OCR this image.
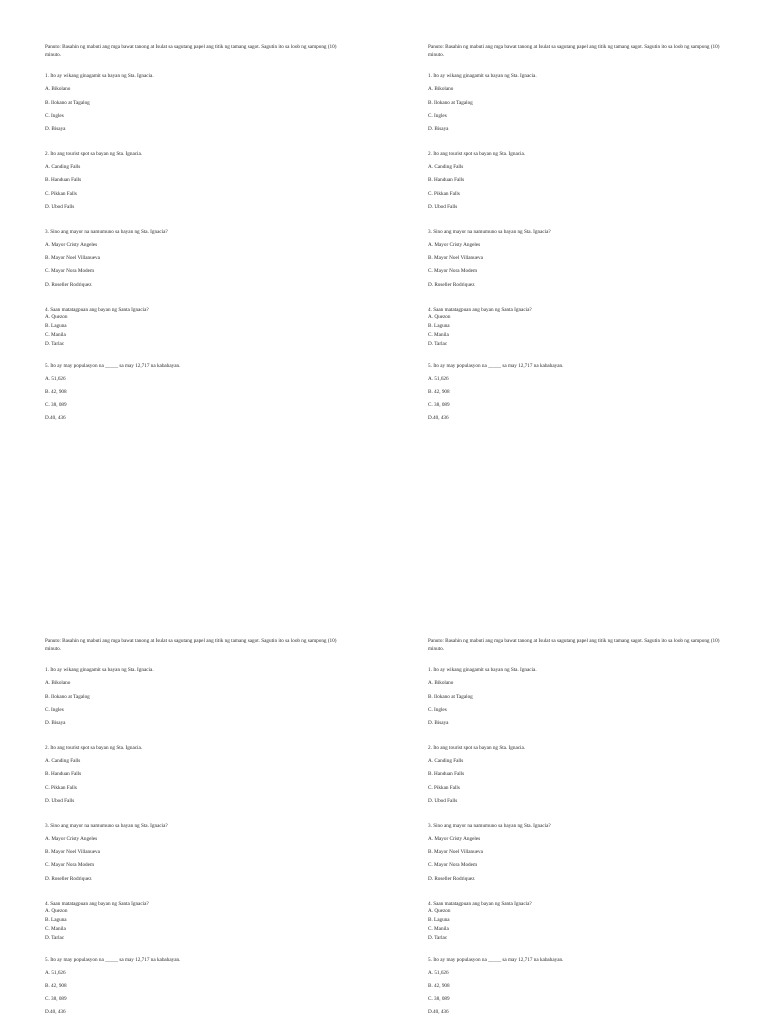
Panuto: Basahin ng mabuti ang mga bawat tanong at Isulat sa sagutang papel ang titik ng tamang sagot. Sagutin ito sa loob ng sampong (10) minuto.

1. Ito ay wikang ginagamit sa bayan ng Sta. Ignacia.

A. Bikolano

B. Ilokano at Tagalog

C. Ingles

D. Bisaya

2. Ito ang tourist spot sa bayan ng Sta. Ignacia.

A. Canding Falls

B. Handuan Falls

C. Pikkan Falls

D. Ubod Falls

3. Sino ang mayor na namumuno sa bayan ng Sta. Ignacia?

A. Mayor Cristy Angeles

B. Mayor Noel Villanueva

C. Mayor Nora Modem

D. Roseller Rodriquez

4. Saan matatagpuan ang bayan ng Santa Ignacia?

A. Quezon

B. Laguna

C. Manila

D. Tarlac

5. Ito ay may populasyon na _____ sa may 12,717 na kabahayan.

A. 51,626

B. 42, 908

C. 38, 089

D.40, 436

Panuto: Basahin ng mabuti ang mga bawat tanong at Isulat sa sagutang papel ang titik ng tamang sagot. Sagutin ito sa loob ng sampong (10) minuto.

1. Ito ay wikang ginagamit sa bayan ng Sta. Ignacia.

A. Bikolano

B. Ilokano at Tagalog

C. Ingles

D. Bisaya

2. Ito ang tourist spot sa bayan ng Sta. Ignacia.

A. Canding Falls

B. Handuan Falls

C. Pikkan Falls

D. Ubod Falls

3. Sino ang mayor na namumuno sa bayan ng Sta. Ignacia?

A. Mayor Cristy Angeles

B. Mayor Noel Villanueva

C. Mayor Nora Modem

D. Roseller Rodriquez

4. Saan matatagpuan ang bayan ng Santa Ignacia?

A. Quezon

B. Laguna

C. Manila

D. Tarlac

5. Ito ay may populasyon na _____ sa may 12,717 na kabahayan.

A. 51,626

B. 42, 908

C. 38, 089

D.40, 436

Panuto: Basahin ng mabuti ang mga bawat tanong at Isulat sa sagutang papel ang titik ng tamang sagot. Sagutin ito sa loob ng sampong (10) minuto.

1. Ito ay wikang ginagamit sa bayan ng Sta. Ignacia.

A. Bikolano

B. Ilokano at Tagalog

C. Ingles

D. Bisaya

2. Ito ang tourist spot sa bayan ng Sta. Ignacia.

A. Canding Falls

B. Handuan Falls

C. Pikkan Falls

D. Ubod Falls

3. Sino ang mayor na namumuno sa bayan ng Sta. Ignacia?

A. Mayor Cristy Angeles

B. Mayor Noel Villanueva

C. Mayor Nora Modem

D. Roseller Rodriquez

4. Saan matatagpuan ang bayan ng Santa Ignacia?

A. Quezon

B. Laguna

C. Manila

D. Tarlac

5. Ito ay may populasyon na _____ sa may 12,717 na kabahayan.

A. 51,626

B. 42, 908

C. 38, 089

D.40, 436

Panuto: Basahin ng mabuti ang mga bawat tanong at Isulat sa sagutang papel ang titik ng tamang sagot. Sagutin ito sa loob ng sampong (10) minuto.

1. Ito ay wikang ginagamit sa bayan ng Sta. Ignacia.

A. Bikolano

B. Ilokano at Tagalog

C. Ingles

D. Bisaya

2. Ito ang tourist spot sa bayan ng Sta. Ignacia.

A. Canding Falls

B. Handuan Falls

C. Pikkan Falls

D. Ubod Falls

3. Sino ang mayor na namumuno sa bayan ng Sta. Ignacia?

A. Mayor Cristy Angeles

B. Mayor Noel Villanueva

C. Mayor Nora Modem

D. Roseller Rodriquez

4. Saan matatagpuan ang bayan ng Santa Ignacia?

A. Quezon

B. Laguna

C. Manila

D. Tarlac

5. Ito ay may populasyon na _____ sa may 12,717 na kabahayan.

A. 51,626

B. 42, 908

C. 38, 089

D.40, 436
